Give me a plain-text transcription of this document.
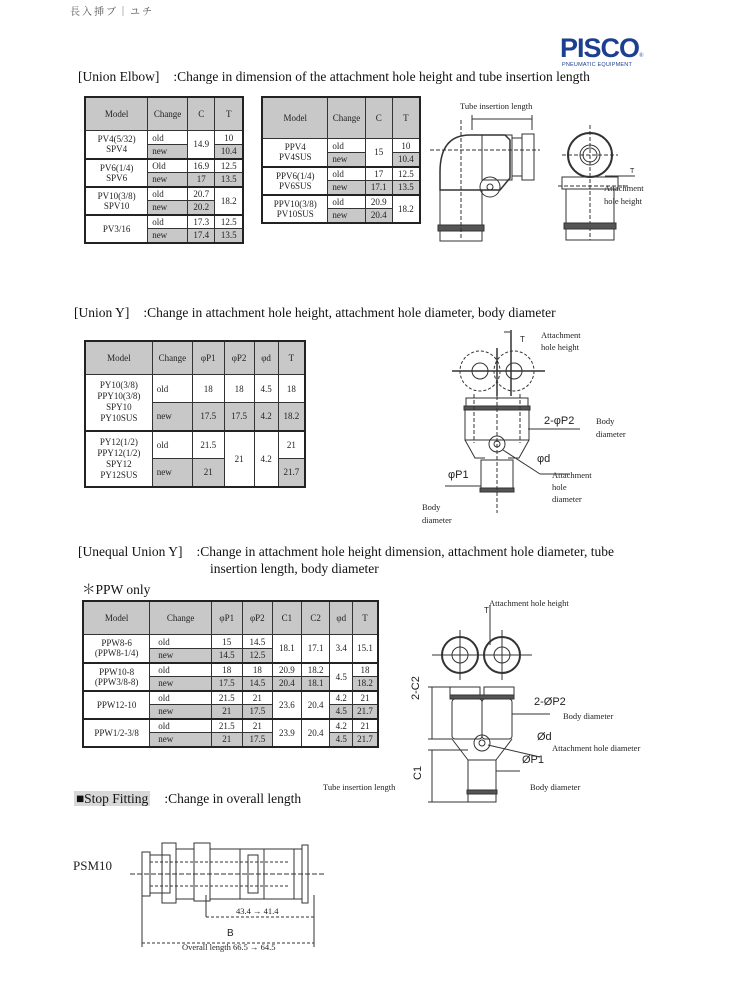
長入挿ブ｜ユチ
PISCO®
PNEUMATIC EQUIPMENT
[Union Elbow] :Change in dimension of the attachment hole height and tube insertion length
Model	Change	C	T
PV4(5/32)
SPV4	old	14.9	10
	new		10.4
PV6(1/4)
SPV6	Old	16.9	12.5
	new	17	13.5
PV10(3/8)
SPV10	old	20.7	18.2
	new	20.2	
PV3/16	old	17.3	12.5
	new	17.4	13.5
Model	Change	C	T
PPV4
PV4SUS	old	15	10
	new		10.4
PPV6(1/4)
PV6SUS	old	17	12.5
	new	17.1	13.5
PPV10(3/8)
PV10SUS	old	20.9	18.2
	new	20.4	
Tube insertion length
T
Attachment
hole height
[Union Y] :Change in attachment hole height, attachment hole diameter, body diameter
Model	Change	φP1	φP2	φd	T
PY10(3/8)
PPY10(3/8)
SPY10
PY10SUS	old	18	18	4.5	18
	new	17.5	17.5	4.2	18.2
PY12(1/2)
PPY12(1/2)
SPY12
PY12SUS	old	21.5	21	4.2	21
	new	21			21.7
T Attachment
hole height
2-φP2	Body
diameter
φd
Attachment
hole
diameter
φP1
Body
diameter
[Unequal Union Y] :Change in attachment hole height dimension, attachment hole diameter, tube
insertion length, body diameter
＊PPW only
Model	Change	φP1	φP2	C1	C2	φd	T
PPW8-6
(PPW8-1/4)	old	15	14.5	18.1	17.1	3.4	15.1
	new	14.5	12.5				
PPW10-8
(PPW3/8-8)	old	18	18	20.9	18.2	4.5	18
	new	17.5	14.5	20.4	18.1		18.2
PPW12-10	old	21.5	21	23.6	20.4	4.2	21
	new	21	17.5			4.5	21.7
PPW1/2-3/8	old	21.5	21	23.9	20.4	4.2	21
	new	21	17.5			4.5	21.7
Attachment hole height
T
2-C2
2-ØP2
Body diameter
Ød
Attachment hole diameter
ØP1
C1
Tube insertion length	Body diameter
■Stop Fitting :Change in overall length
PSM10
43.4 → 41.4
B
Overall length 66.5 → 64.5
